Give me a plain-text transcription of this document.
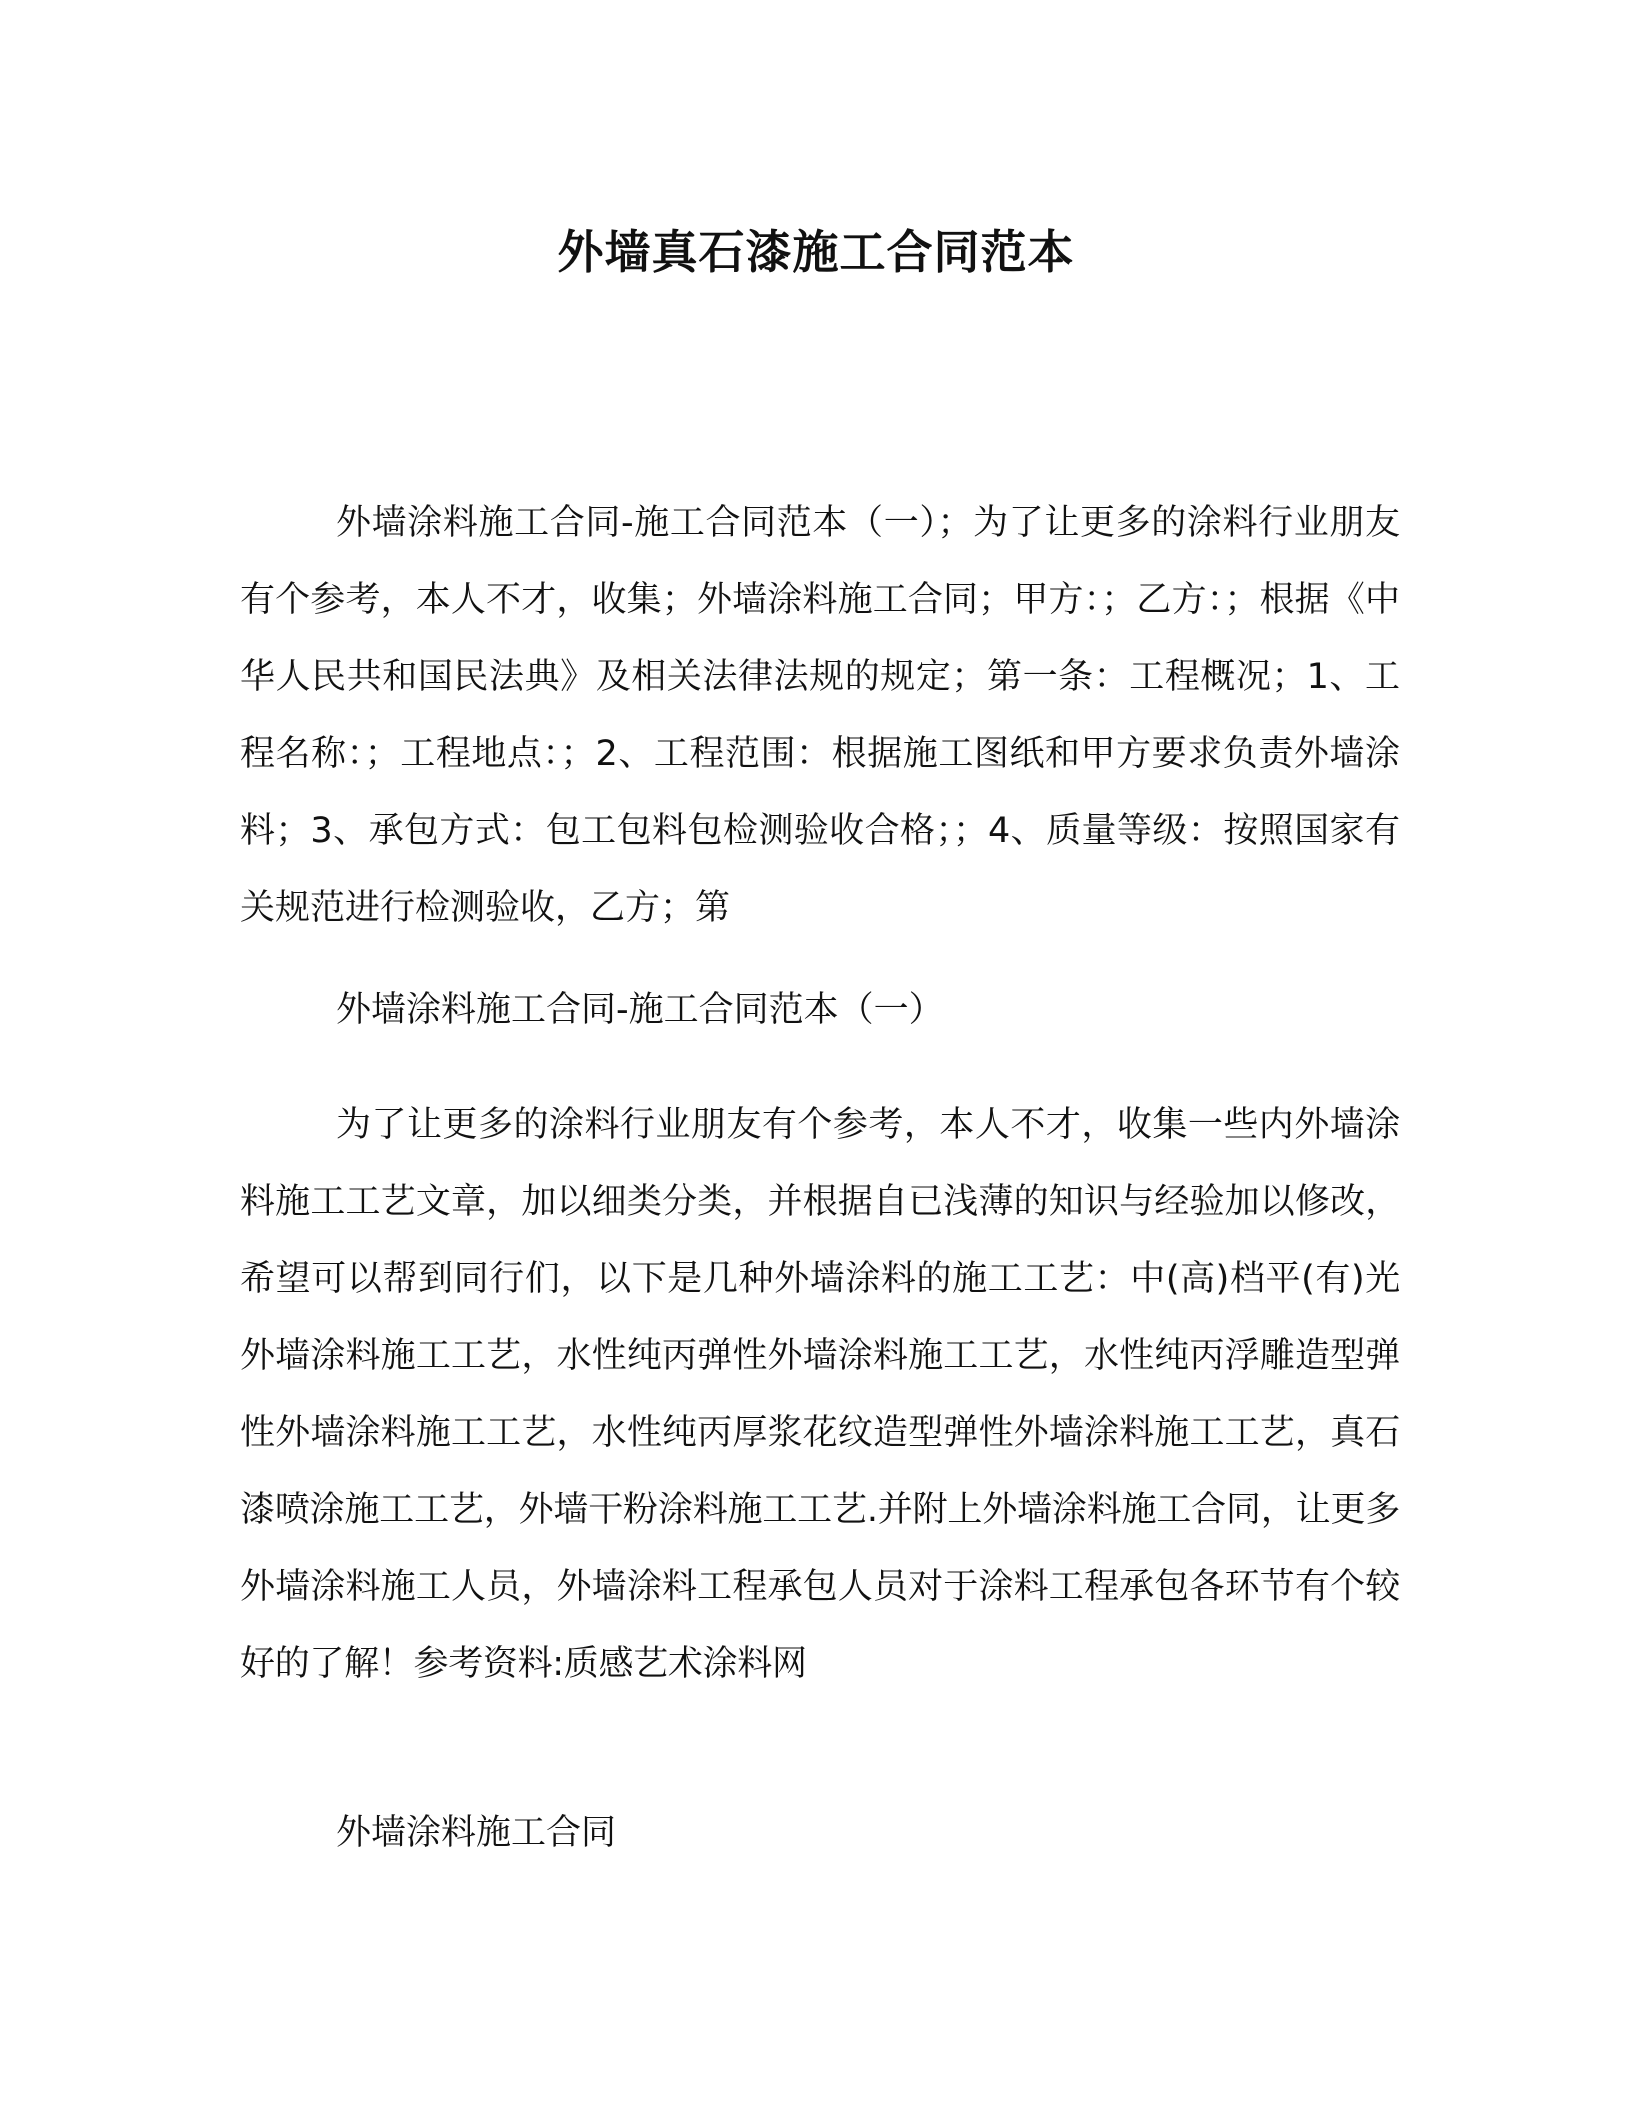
外墙真石漆施工合同范本

外墙涂料施工合同-施工合同范本（一）；为了让更多的涂料行业朋友有个参考，本人不才，收集；外墙涂料施工合同；甲方：；乙方：；根据《中华人民共和国民法典》及相关法律法规的规定；第一条：工程概况；1、工程名称：；工程地点：；2、工程范围：根据施工图纸和甲方要求负责外墙涂料；3、承包方式：包工包料包检测验收合格；；4、质量等级：按照国家有关规范进行检测验收，乙方；第

外墙涂料施工合同-施工合同范本（一）

为了让更多的涂料行业朋友有个参考，本人不才，收集一些内外墙涂料施工工艺文章，加以细类分类，并根据自已浅薄的知识与经验加以修改，希望可以帮到同行们，以下是几种外墙涂料的施工工艺：中(高)档平(有)光外墙涂料施工工艺，水性纯丙弹性外墙涂料施工工艺，水性纯丙浮雕造型弹性外墙涂料施工工艺，水性纯丙厚浆花纹造型弹性外墙涂料施工工艺，真石漆喷涂施工工艺，外墙干粉涂料施工工艺.并附上外墙涂料施工合同，让更多外墙涂料施工人员，外墙涂料工程承包人员对于涂料工程承包各环节有个较好的了解！参考资料:质感艺术涂料网

外墙涂料施工合同
